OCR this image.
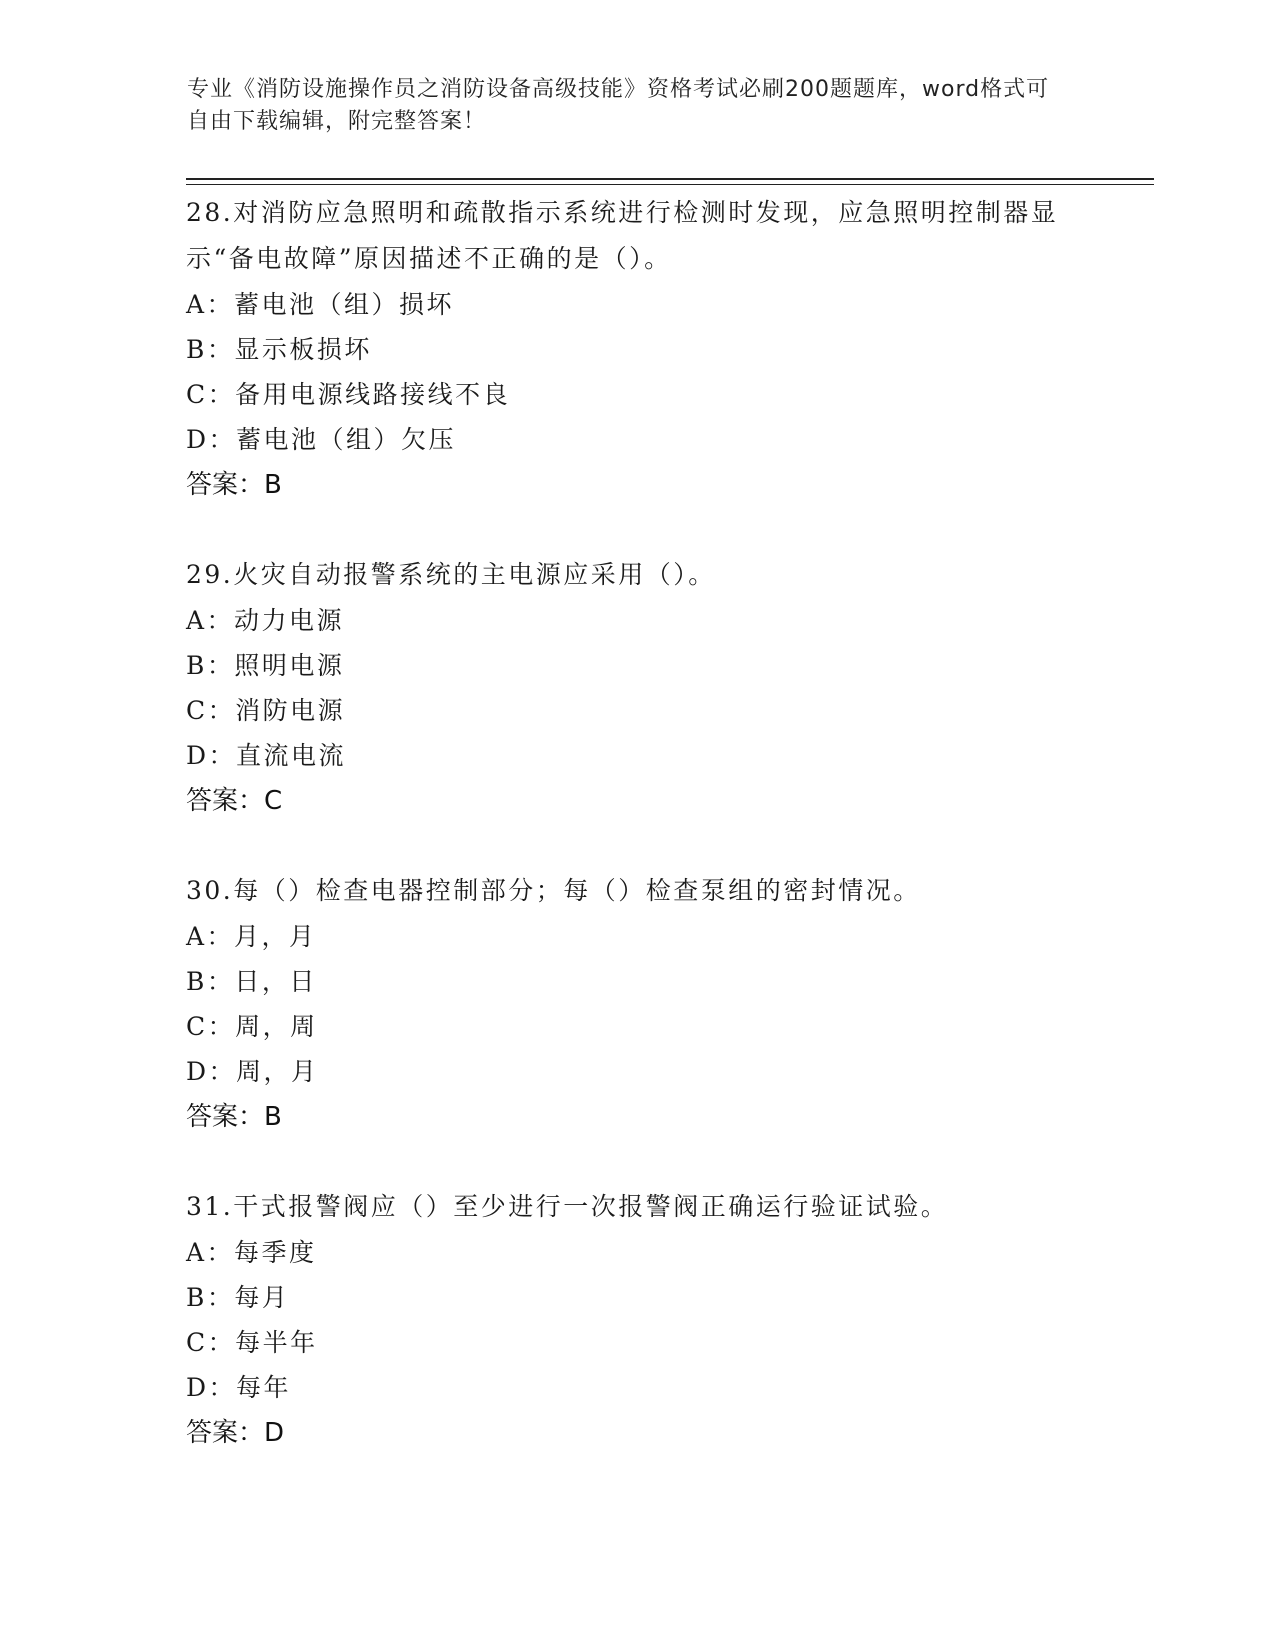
专业《消防设施操作员之消防设备高级技能》资格考试必刷200题题库，word格式可自由下载编辑，附完整答案！
28.对消防应急照明和疏散指示系统进行检测时发现，应急照明控制器显示“备电故障”原因描述不正确的是（）。
A：蓄电池（组）损坏
B：显示板损坏
C：备用电源线路接线不良
D：蓄电池（组）欠压
答案：B
29.火灾自动报警系统的主电源应采用（）。
A：动力电源
B：照明电源
C：消防电源
D：直流电流
答案：C
30.每（）检查电器控制部分；每（）检查泵组的密封情况。
A：月，月
B：日，日
C：周，周
D：周，月
答案：B
31.干式报警阀应（）至少进行一次报警阀正确运行验证试验。
A：每季度
B：每月
C：每半年
D：每年
答案：D
